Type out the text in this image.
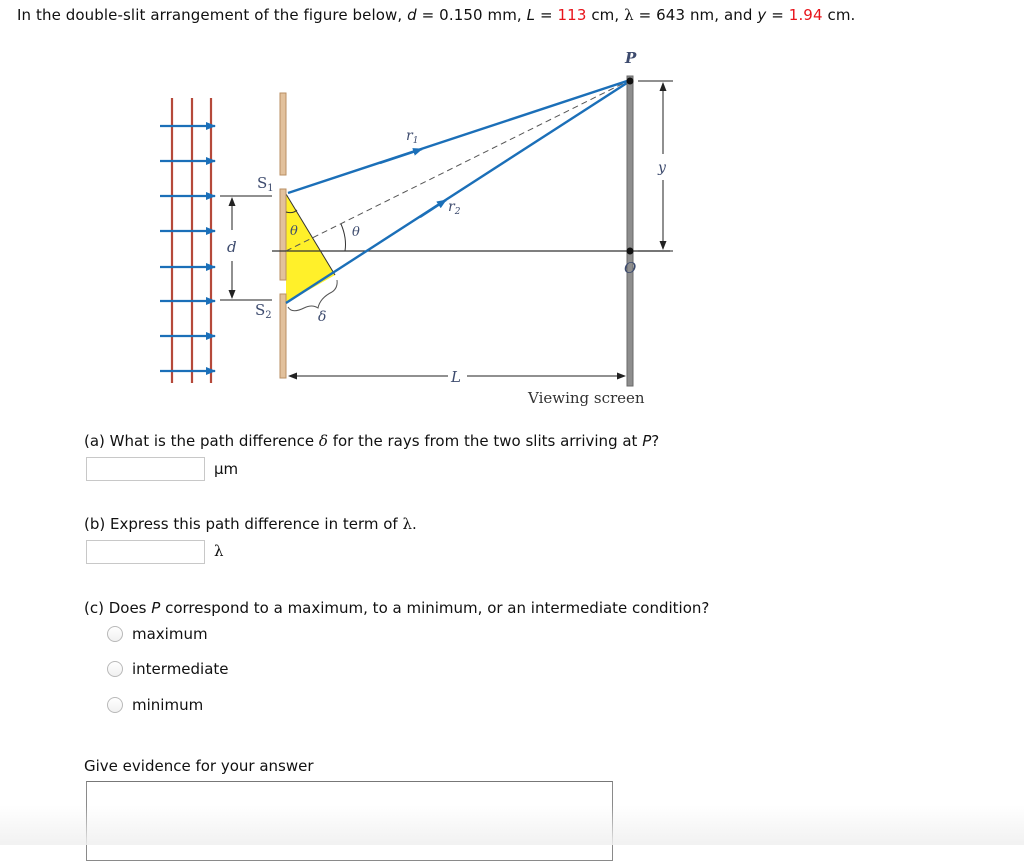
In the double-slit arrangement of the figure below, d = 0.150 mm, L = 113 cm, λ = 643 nm, and y = 1.94 cm.
P
O
y
d
L
$S_1$
$S_2$
$r_1$
$r_2$
θ	θ
δ
Viewing screen
(a) What is the path difference δ for the rays from the two slits arriving at P?
µm
(b) Express this path difference in term of λ.
λ
(c) Does P correspond to a maximum, to a minimum, or an intermediate condition?
maximum
intermediate
minimum
Give evidence for your answer
